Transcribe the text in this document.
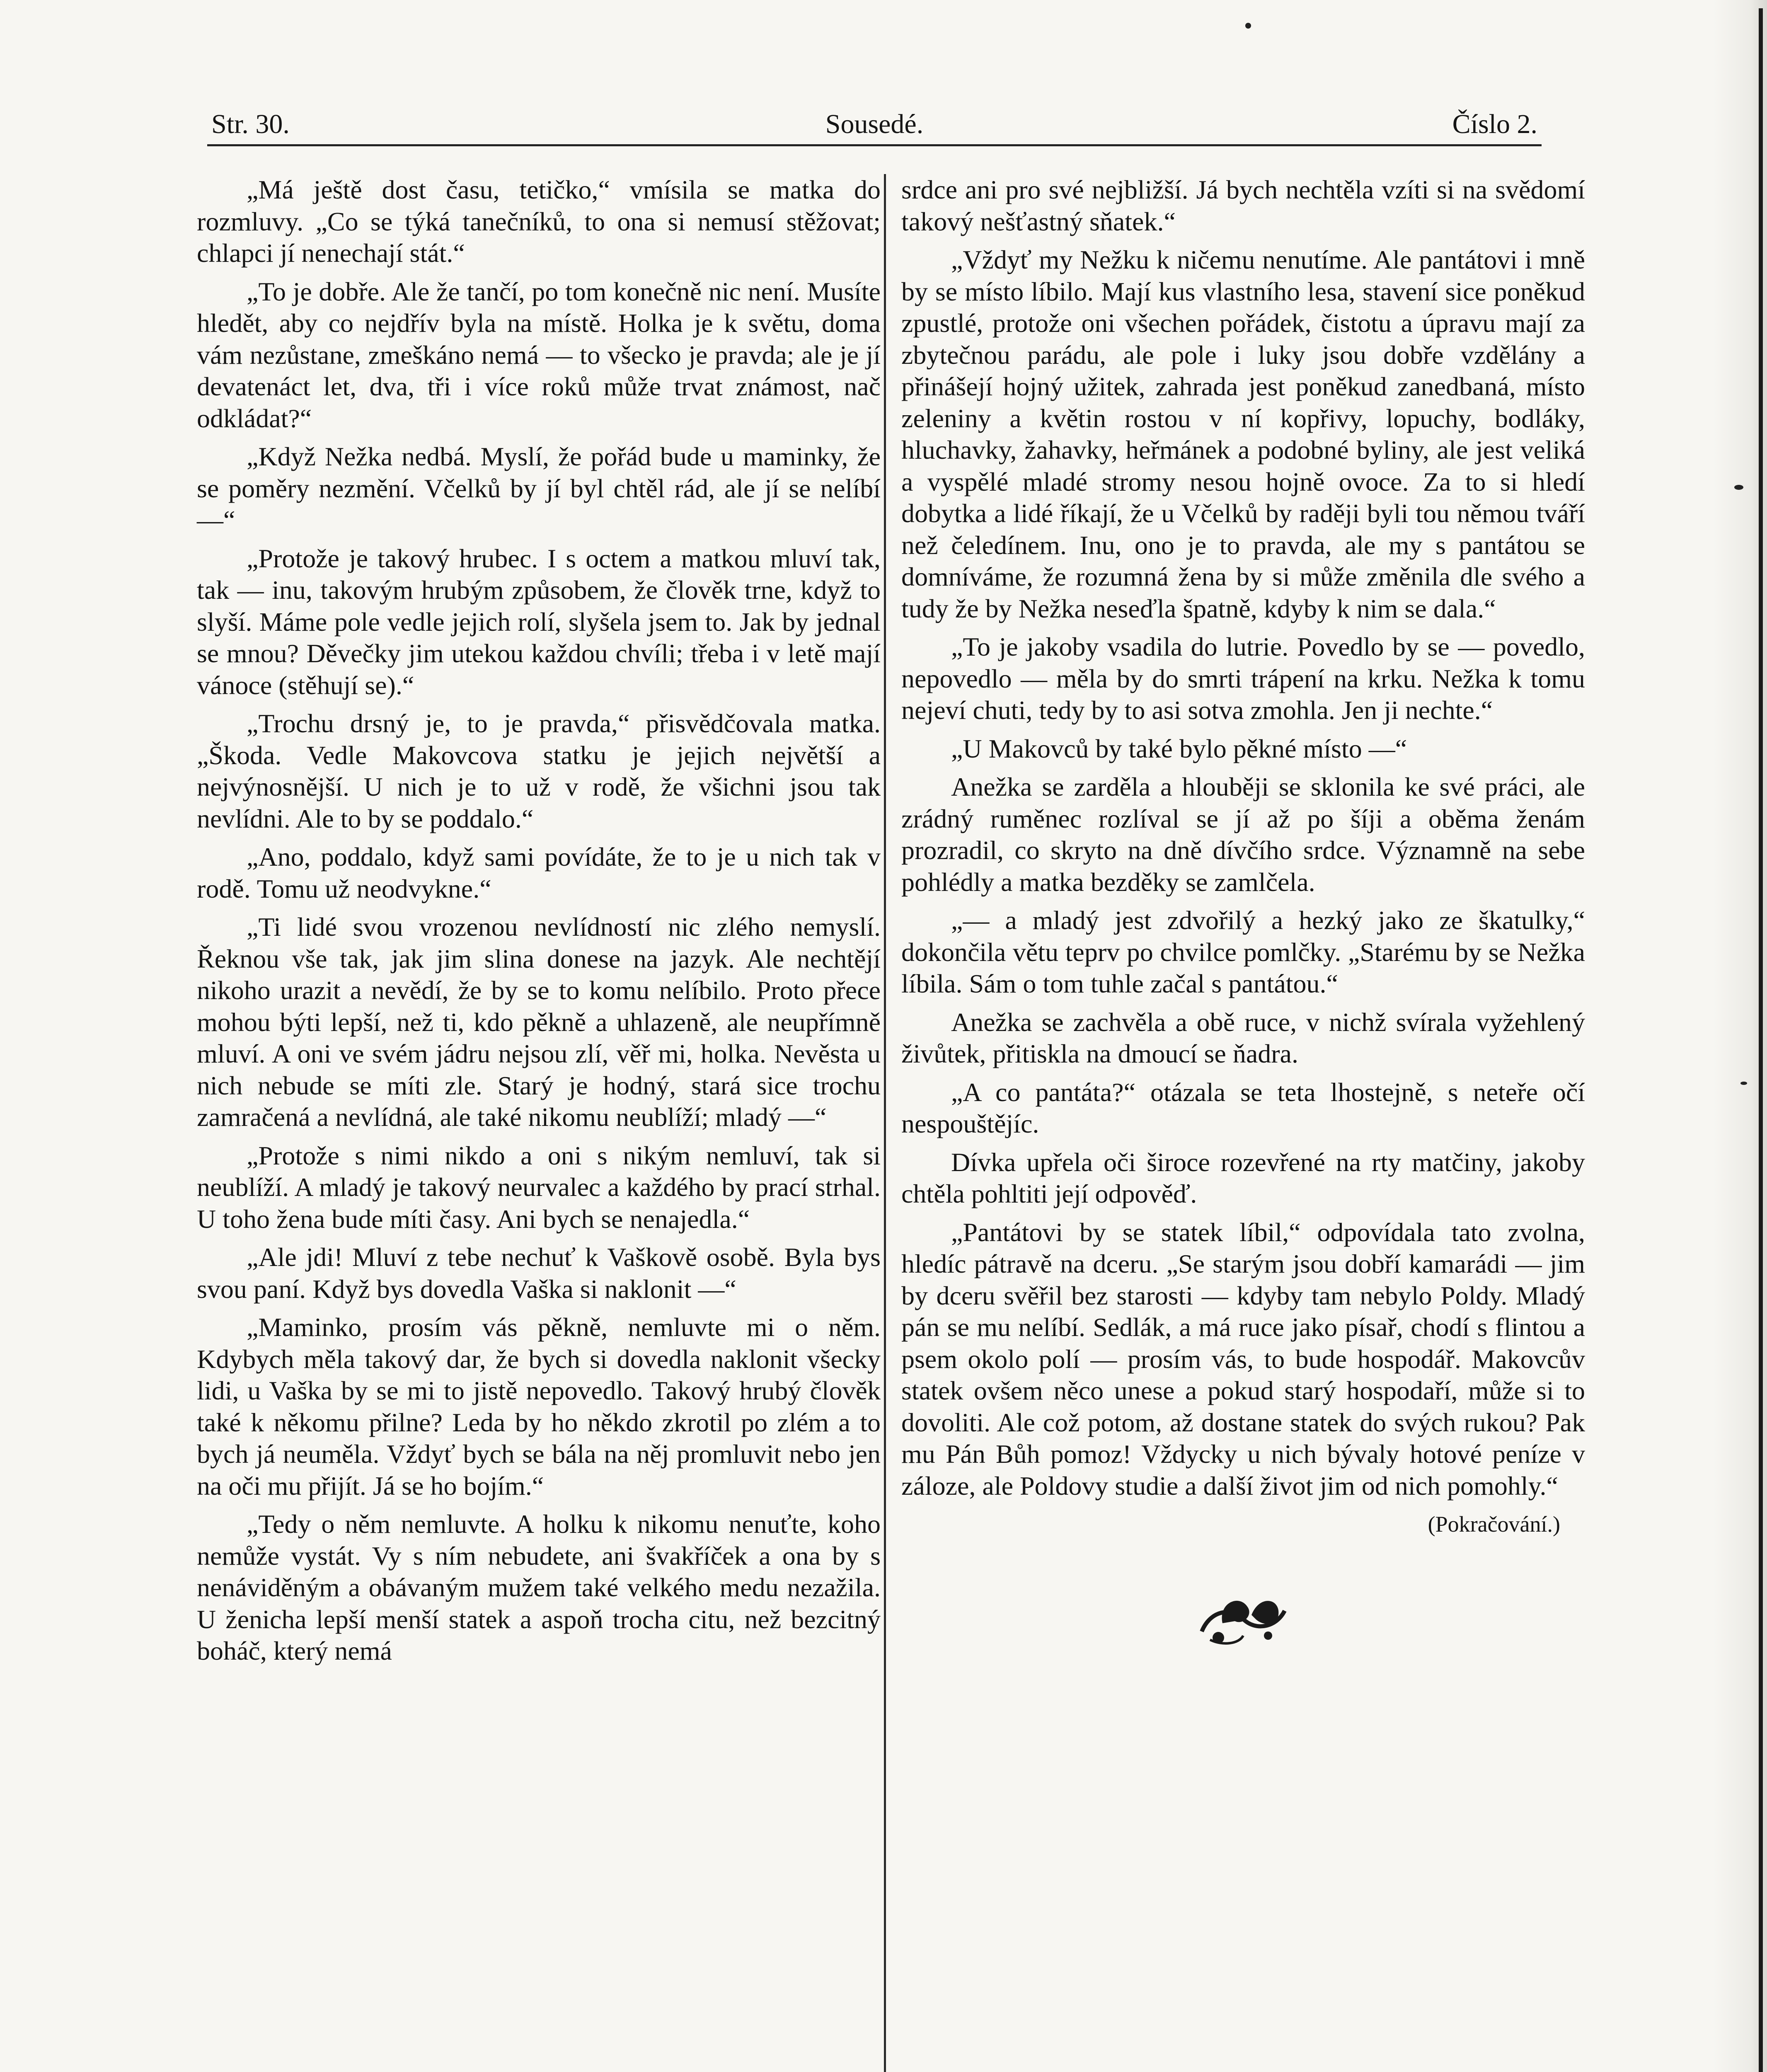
Str. 30.	Sousedé.	Číslo 2.

„Má ještě dost času, tetičko,“ vmísila se matka do rozmluvy. „Co se týká tanečníků, to ona si nemusí stěžovat; chlapci jí nenechají stát.“

„To je dobře. Ale že tančí, po tom konečně nic není. Musíte hledět, aby co nejdřív byla na místě. Holka je k světu, doma vám nezůstane, zmeškáno nemá — to všecko je pravda; ale je jí devatenáct let, dva, tři i více roků může trvat známost, nač odkládat?“

„Když Nežka nedbá. Myslí, že pořád bude u maminky, že se poměry nezmění. Včelků by jí byl chtěl rád, ale jí se nelíbí —“

„Protože je takový hrubec. I s octem a matkou mluví tak, tak — inu, takovým hrubým způsobem, že člověk trne, když to slyší. Máme pole vedle jejich rolí, slyšela jsem to. Jak by jednal se mnou? Děvečky jim utekou každou chvíli; třeba i v letě mají vánoce (stěhují se).“

„Trochu drsný je, to je pravda,“ přisvědčovala matka. „Škoda. Vedle Makovcova statku je jejich největší a nejvýnosnější. U nich je to už v rodě, že všichni jsou tak nevlídni. Ale to by se poddalo.“

„Ano, poddalo, když sami povídáte, že to je u nich tak v rodě. Tomu už neodvykne.“

„Ti lidé svou vrozenou nevlídností nic zlého nemyslí. Řeknou vše tak, jak jim slina donese na jazyk. Ale nechtějí nikoho urazit a nevědí, že by se to komu nelíbilo. Proto přece mohou býti lepší, než ti, kdo pěkně a uhlazeně, ale neupřímně mluví. A oni ve svém jádru nejsou zlí, věř mi, holka. Nevěsta u nich nebude se míti zle. Starý je hodný, stará sice trochu zamračená a nevlídná, ale také nikomu neublíží; mladý —“

„Protože s nimi nikdo a oni s nikým nemluví, tak si neublíží. A mladý je takový neurvalec a každého by prací strhal. U toho žena bude míti časy. Ani bych se nenajedla.“

„Ale jdi! Mluví z tebe nechuť k Vaškově osobě. Byla bys svou paní. Když bys dovedla Vaška si naklonit —“

„Maminko, prosím vás pěkně, nemluvte mi o něm. Kdybych měla takový dar, že bych si dovedla naklonit všecky lidi, u Vaška by se mi to jistě nepovedlo. Takový hrubý člověk také k někomu přilne? Leda by ho někdo zkrotil po zlém a to bych já neuměla. Vždyť bych se bála na něj promluvit nebo jen na oči mu přijít. Já se ho bojím.“

„Tedy o něm nemluvte. A holku k nikomu nenuťte, koho nemůže vystát. Vy s ním nebudete, ani švakříček a ona by s nenáviděným a obávaným mužem také velkého medu nezažila. U ženicha lepší menší statek a aspoň trocha citu, než bezcitný boháč, který nemá

srdce ani pro své nejbližší. Já bych nechtěla vzíti si na svědomí takový nešťastný sňatek.“

„Vždyť my Nežku k ničemu nenutíme. Ale pantátovi i mně by se místo líbilo. Mají kus vlastního lesa, stavení sice poněkud zpustlé, protože oni všechen pořádek, čistotu a úpravu mají za zbytečnou parádu, ale pole i luky jsou dobře vzdělány a přinášejí hojný užitek, zahrada jest poněkud zanedbaná, místo zeleniny a květin rostou v ní kopřivy, lopuchy, bodláky, hluchavky, žahavky, heřmánek a podobné byliny, ale jest veliká a vyspělé mladé stromy nesou hojně ovoce. Za to si hledí dobytka a lidé říkají, že u Včelků by raději byli tou němou tváří než čeledínem. Inu, ono je to pravda, ale my s pantátou se domníváme, že rozumná žena by si může změnila dle svého a tudy že by Nežka neseďla špatně, kdyby k nim se dala.“

„To je jakoby vsadila do lutrie. Povedlo by se — povedlo, nepovedlo — měla by do smrti trápení na krku. Nežka k tomu nejeví chuti, tedy by to asi sotva zmohla. Jen ji nechte.“

„U Makovců by také bylo pěkné místo —“

Anežka se zarděla a hlouběji se sklonila ke své práci, ale zrádný ruměnec rozlíval se jí až po šíji a oběma ženám prozradil, co skryto na dně dívčího srdce. Významně na sebe pohlédly a matka bezděky se zamlčela.

„— a mladý jest zdvořilý a hezký jako ze škatulky,“ dokončila větu teprv po chvilce pomlčky. „Starému by se Nežka líbila. Sám o tom tuhle začal s pantátou.“

Anežka se zachvěla a obě ruce, v nichž svírala vyžehlený živůtek, přitiskla na dmoucí se ňadra.

„A co pantáta?“ otázala se teta lhostejně, s neteře očí nespouštějíc.

Dívka upřela oči široce rozevřené na rty matčiny, jakoby chtěla pohltiti její odpověď.

„Pantátovi by se statek líbil,“ odpovídala tato zvolna, hledíc pátravě na dceru. „Se starým jsou dobří kamarádi — jim by dceru svěřil bez starosti — kdyby tam nebylo Poldy. Mladý pán se mu nelíbí. Sedlák, a má ruce jako písař, chodí s flintou a psem okolo polí — prosím vás, to bude hospodář. Makovcův statek ovšem něco unese a pokud starý hospodaří, může si to dovoliti. Ale což potom, až dostane statek do svých rukou? Pak mu Pán Bůh pomoz! Vždycky u nich bývaly hotové peníze v záloze, ale Poldovy studie a další život jim od nich pomohly.“

(Pokračování.)
